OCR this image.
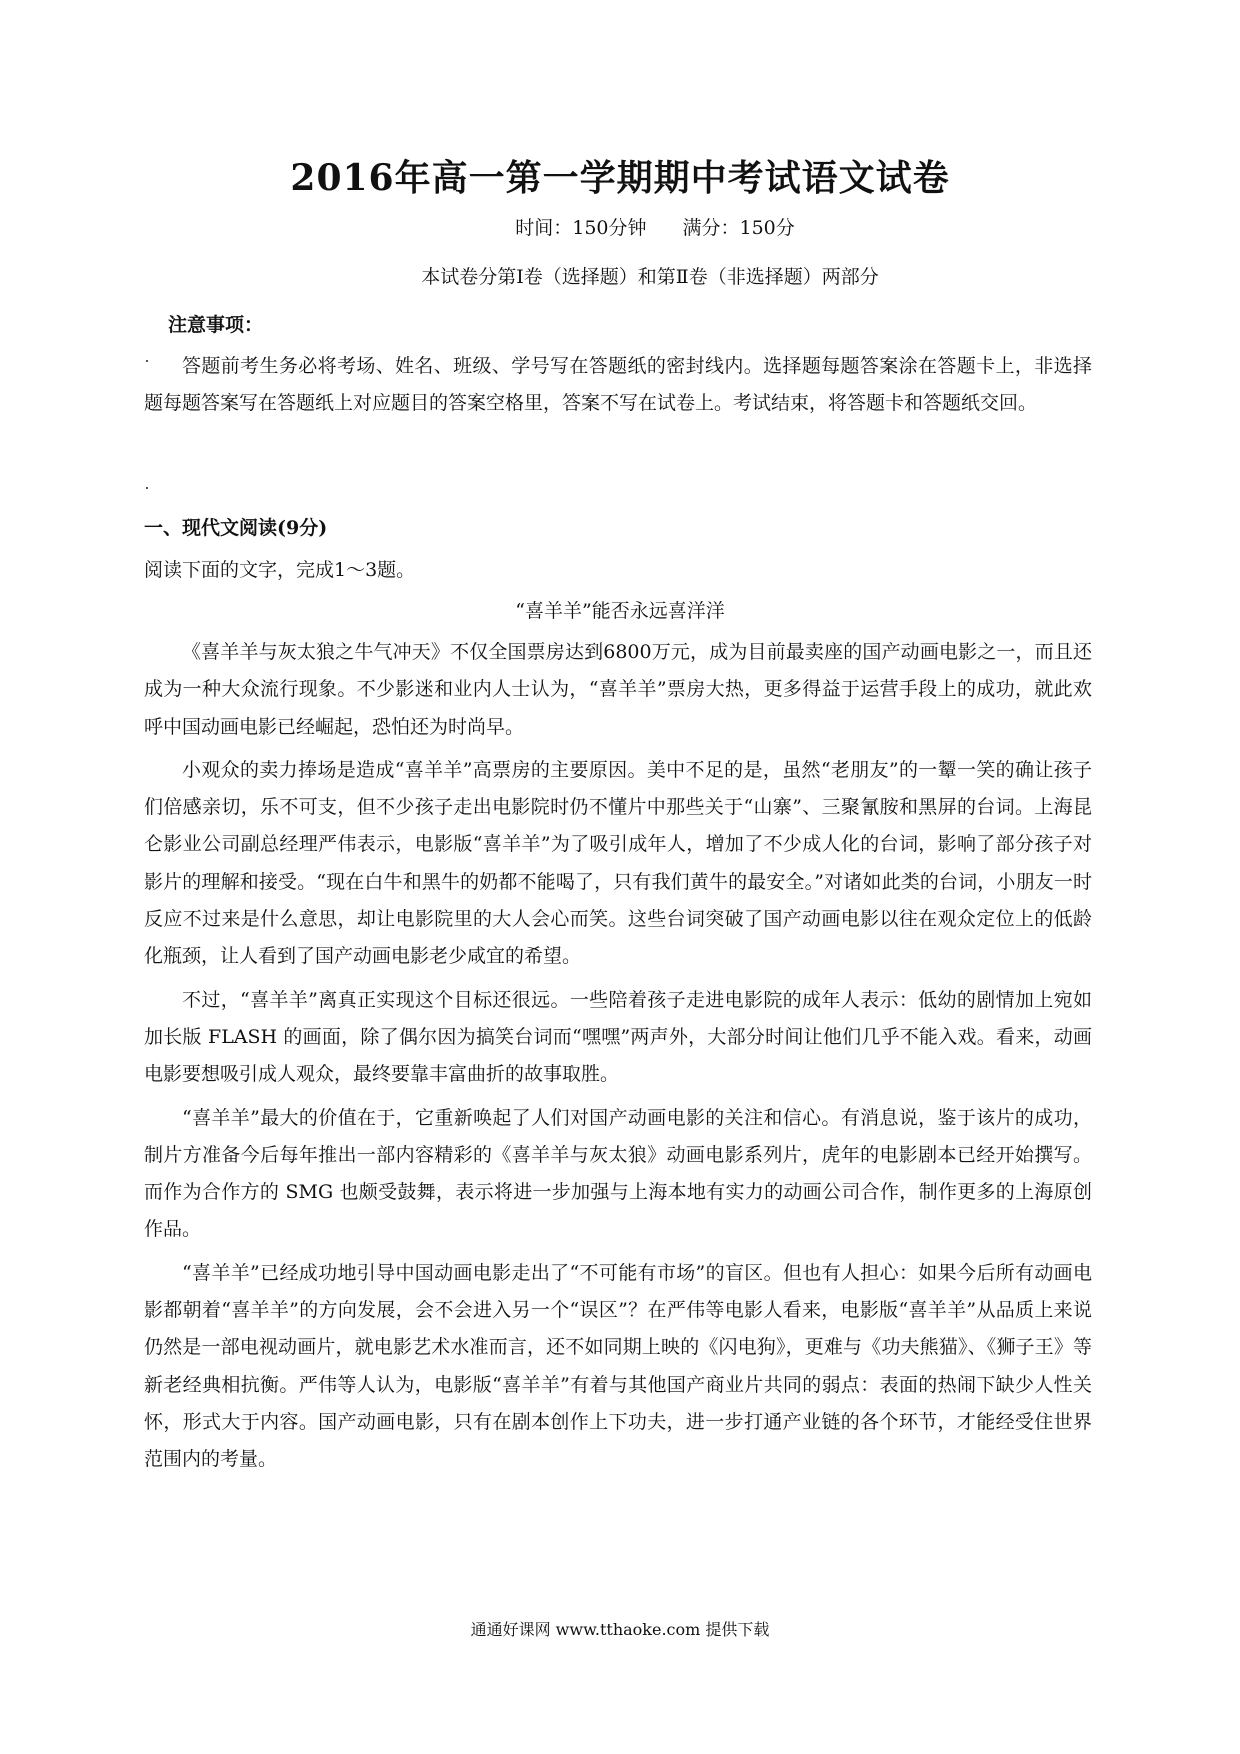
2016年高一第一学期期中考试语文试卷
时间：150分钟 满分：150分
本试卷分第Ⅰ卷（选择题）和第Ⅱ卷（非选择题）两部分
注意事项：
答题前考生务必将考场、姓名、班级、学号写在答题纸的密封线内。选择题每题答案涂在答题卡上，非选择题每题答案写在答题纸上对应题目的答案空格里，答案不写在试卷上。考试结束，将答题卡和答题纸交回。
一、现代文阅读(9分)
阅读下面的文字，完成1～3题。
“喜羊羊”能否永远喜洋洋

《喜羊羊与灰太狼之牛气冲天》不仅全国票房达到6800万元，成为目前最卖座的国产动画电影之一，而且还成为一种大众流行现象。不少影迷和业内人士认为，“喜羊羊”票房大热，更多得益于运营手段上的成功，就此欢呼中国动画电影已经崛起，恐怕还为时尚早。

小观众的卖力捧场是造成“喜羊羊”高票房的主要原因。美中不足的是，虽然“老朋友”的一颦一笑的确让孩子们倍感亲切，乐不可支，但不少孩子走出电影院时仍不懂片中那些关于“山寨”、三聚氰胺和黑屏的台词。上海昆仑影业公司副总经理严伟表示，电影版“喜羊羊”为了吸引成年人，增加了不少成人化的台词，影响了部分孩子对影片的理解和接受。“现在白牛和黑牛的奶都不能喝了，只有我们黄牛的最安全。”对诸如此类的台词，小朋友一时反应不过来是什么意思，却让电影院里的大人会心而笑。这些台词突破了国产动画电影以往在观众定位上的低龄化瓶颈，让人看到了国产动画电影老少咸宜的希望。

不过，“喜羊羊”离真正实现这个目标还很远。一些陪着孩子走进电影院的成年人表示：低幼的剧情加上宛如加长版 FLASH 的画面，除了偶尔因为搞笑台词而“嘿嘿”两声外，大部分时间让他们几乎不能入戏。看来，动画电影要想吸引成人观众，最终要靠丰富曲折的故事取胜。

“喜羊羊”最大的价值在于，它重新唤起了人们对国产动画电影的关注和信心。有消息说，鉴于该片的成功，制片方准备今后每年推出一部内容精彩的《喜羊羊与灰太狼》动画电影系列片，虎年的电影剧本已经开始撰写。而作为合作方的 SMG 也颇受鼓舞，表示将进一步加强与上海本地有实力的动画公司合作，制作更多的上海原创作品。

“喜羊羊”已经成功地引导中国动画电影走出了“不可能有市场”的盲区。但也有人担心：如果今后所有动画电影都朝着“喜羊羊”的方向发展，会不会进入另一个“误区”？在严伟等电影人看来，电影版“喜羊羊”从品质上来说仍然是一部电视动画片，就电影艺术水准而言，还不如同期上映的《闪电狗》，更难与《功夫熊猫》、《狮子王》等新老经典相抗衡。严伟等人认为，电影版“喜羊羊”有着与其他国产商业片共同的弱点：表面的热闹下缺少人性关怀，形式大于内容。国产动画电影，只有在剧本创作上下功夫，进一步打通产业链的各个环节，才能经受住世界范围内的考量。

通通好课网 www.tthaoke.com 提供下载
